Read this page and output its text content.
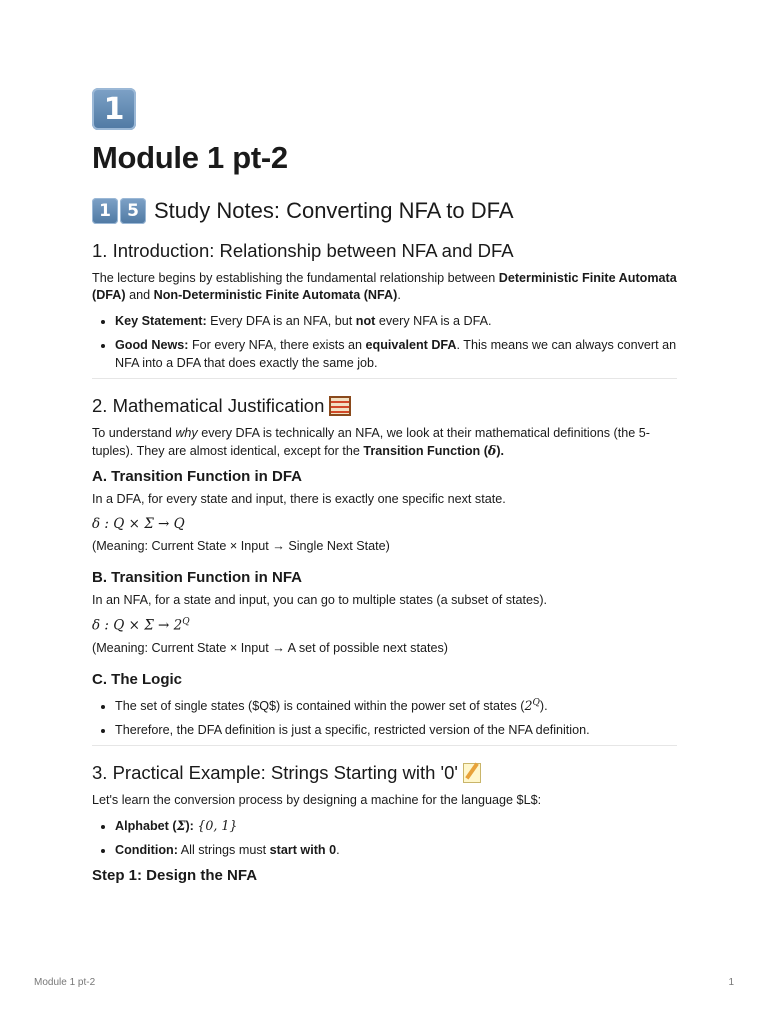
1
Module 1 pt-2
1 5 Study Notes: Converting NFA to DFA
1. Introduction: Relationship between NFA and DFA

The lecture begins by establishing the fundamental relationship between Deterministic Finite Automata (DFA) and Non-Deterministic Finite Automata (NFA).

• Key Statement: Every DFA is an NFA, but not every NFA is a DFA.
• Good News: For every NFA, there exists an equivalent DFA. This means we can always convert an NFA into a DFA that does exactly the same job.
2. Mathematical Justification

To understand why every DFA is technically an NFA, we look at their mathematical definitions (the 5-tuples). They are almost identical, except for the Transition Function (δ).

A. Transition Function in DFA

In a DFA, for every state and input, there is exactly one specific next state.

δ : Q × Σ → Q

(Meaning: Current State × Input → Single Next State)

B. Transition Function in NFA

In an NFA, for a state and input, you can go to multiple states (a subset of states).

δ : $Q \times \Sigma \to 2^Q$

(Meaning: Current State × Input → A set of possible next states)

C. The Logic
• The set of single states ($Q$) is contained within the power set of states $(2^Q)$.
• Therefore, the DFA definition is just a specific, restricted version of the NFA definition.
3. Practical Example: Strings Starting with '0'

Let's learn the conversion process by designing a machine for the language $L$:

• Alphabet (Σ): {0, 1}
• Condition: All strings must start with 0.
Step 1: Design the NFA
Module 1 pt-2	1
